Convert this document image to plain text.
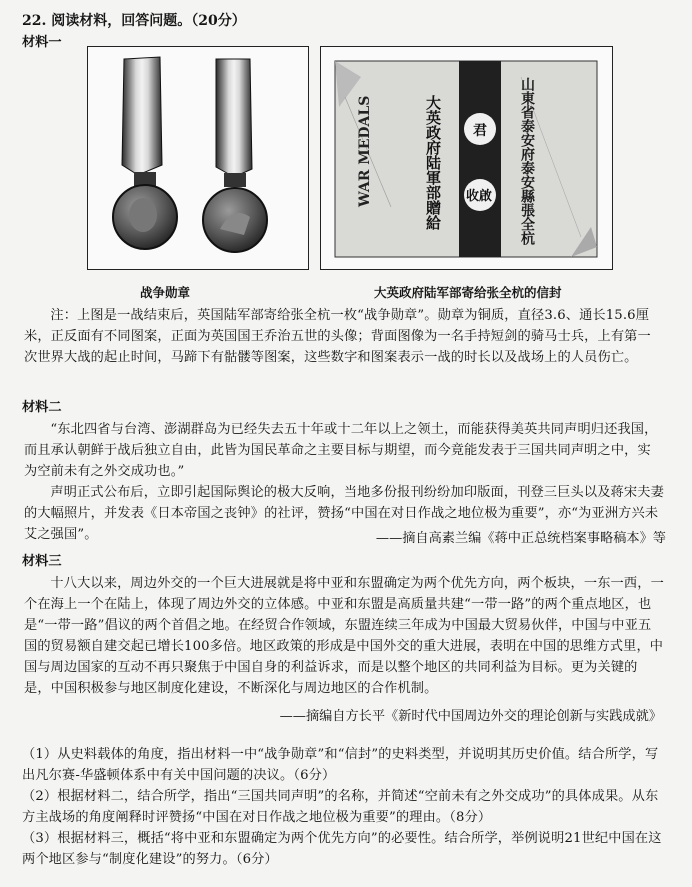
22. 阅读材料，回答问题。（20分）
材料一
WAR MEDALS	大英政府陆軍部贈給 君
收啟 山東省泰安府泰安縣張全杭
战争勋章	大英政府陆军部寄给张全杭的信封
注：上图是一战结束后，英国陆军部寄给张全杭一枚“战争勋章”。勋章为铜质，直径3.6、通长15.6厘米，正反面有不同图案，正面为英国国王乔治五世的头像；背面图像为一名手持短剑的骑马士兵，上有第一次世界大战的起止时间，马蹄下有骷髅等图案，这些数字和图案表示一战的时长以及战场上的人员伤亡。
材料二
“东北四省与台湾、澎湖群岛为已经失去五十年或十二年以上之领土，而能获得美英共同声明归还我国，而且承认朝鲜于战后独立自由，此皆为国民革命之主要目标与期望，而今竟能发表于三国共同声明之中，实为空前未有之外交成功也。”
声明正式公布后，立即引起国际舆论的极大反响，当地多份报刊纷纷加印版面，刊登三巨头以及蒋宋夫妻的大幅照片，并发表《日本帝国之丧钟》的社评，赞扬“中国在对日作战之地位极为重要”，亦“为亚洲方兴未艾之强国”。	——摘自高素兰编《蒋中正总统档案事略稿本》等
材料三
十八大以来，周边外交的一个巨大进展就是将中亚和东盟确定为两个优先方向，两个板块，一东一西，一个在海上一个在陆上，体现了周边外交的立体感。中亚和东盟是高质量共建“一带一路”的两个重点地区，也是“一带一路”倡议的两个首倡之地。在经贸合作领域，东盟连续三年成为中国最大贸易伙伴，中国与中亚五国的贸易额自建交起已增长100多倍。地区政策的形成是中国外交的重大进展，表明在中国的思维方式里，中国与周边国家的互动不再只聚焦于中国自身的利益诉求，而是以整个地区的共同利益为目标。更为关键的是，中国积极参与地区制度化建设，不断深化与周边地区的合作机制。
——摘编自方长平《新时代中国周边外交的理论创新与实践成就》
（1）从史料载体的角度，指出材料一中“战争勋章”和“信封”的史料类型，并说明其历史价值。结合所学，写出凡尔赛-华盛顿体系中有关中国问题的决议。（6分）
（2）根据材料二，结合所学，指出“三国共同声明”的名称，并简述“空前未有之外交成功”的具体成果。从东方主战场的角度阐释时评赞扬“中国在对日作战之地位极为重要”的理由。（8分）
（3）根据材料三，概括“将中亚和东盟确定为两个优先方向”的必要性。结合所学，举例说明21世纪中国在这两个地区参与“制度化建设”的努力。（6分）
